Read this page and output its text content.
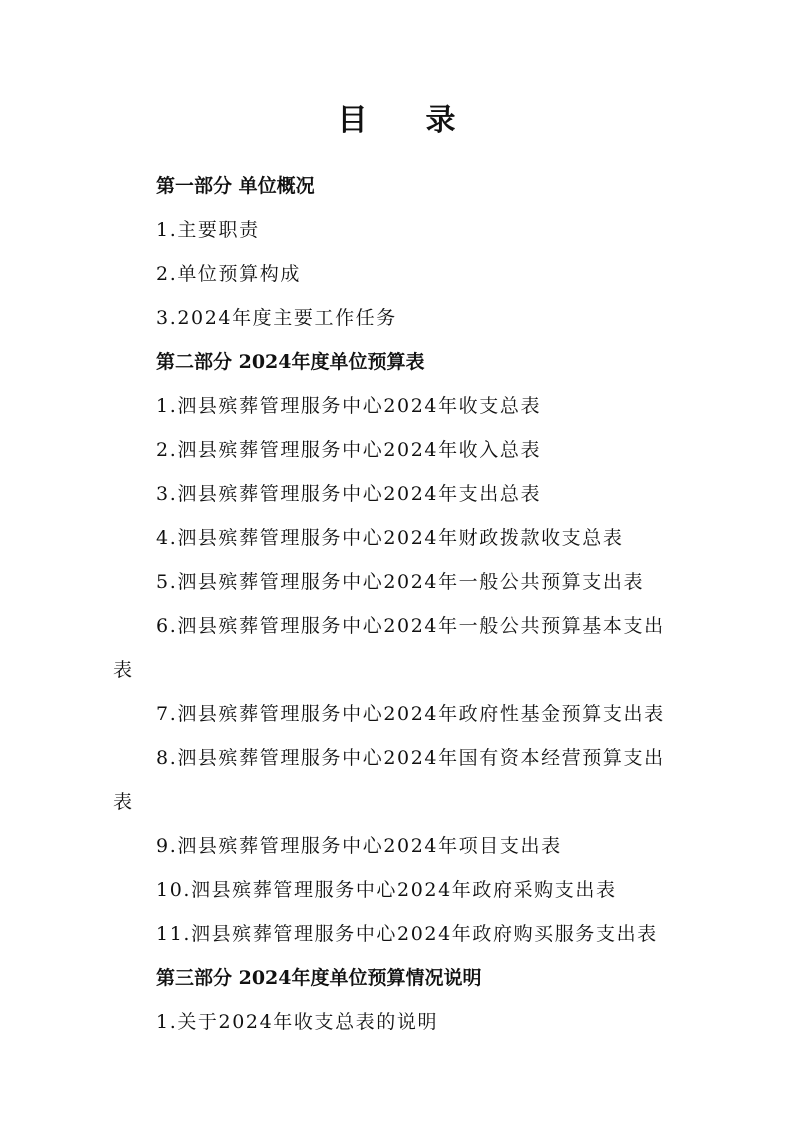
目 录
第一部分 单位概况
1.主要职责
2.单位预算构成
3.2024年度主要工作任务
第二部分 2024年度单位预算表
1.泗县殡葬管理服务中心2024年收支总表
2.泗县殡葬管理服务中心2024年收入总表
3.泗县殡葬管理服务中心2024年支出总表
4.泗县殡葬管理服务中心2024年财政拨款收支总表
5.泗县殡葬管理服务中心2024年一般公共预算支出表
6.泗县殡葬管理服务中心2024年一般公共预算基本支出
表
7.泗县殡葬管理服务中心2024年政府性基金预算支出表
8.泗县殡葬管理服务中心2024年国有资本经营预算支出
表
9.泗县殡葬管理服务中心2024年项目支出表
10.泗县殡葬管理服务中心2024年政府采购支出表
11.泗县殡葬管理服务中心2024年政府购买服务支出表
第三部分 2024年度单位预算情况说明
1.关于2024年收支总表的说明
